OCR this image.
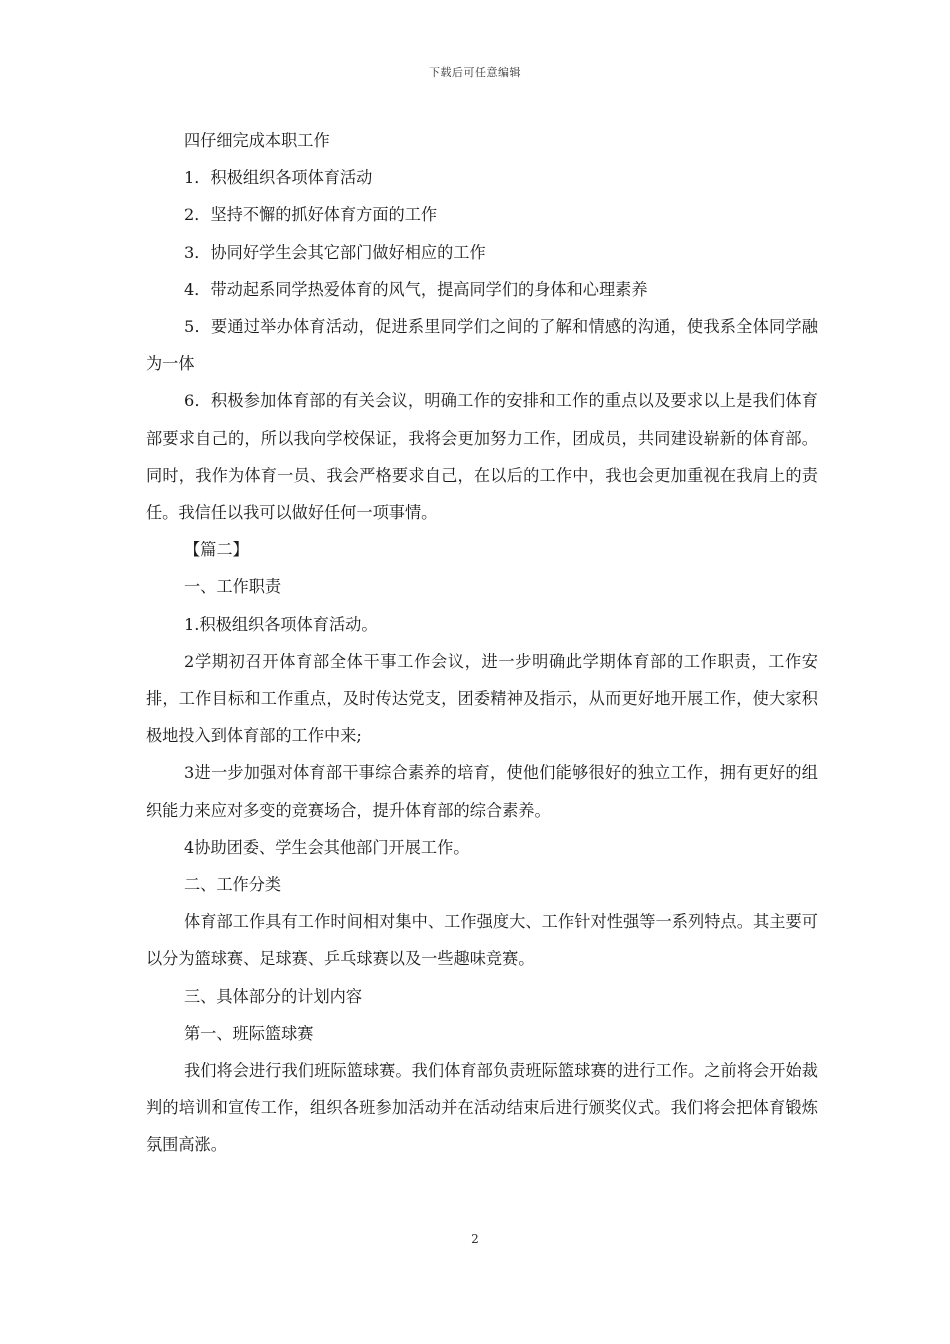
下载后可任意编辑

四仔细完成本职工作

1．积极组织各项体育活动

2．坚持不懈的抓好体育方面的工作

3．协同好学生会其它部门做好相应的工作

4．带动起系同学热爱体育的风气，提高同学们的身体和心理素养

5．要通过举办体育活动，促进系里同学们之间的了解和情感的沟通，使我系全体同学融为一体

6．积极参加体育部的有关会议，明确工作的安排和工作的重点以及要求以上是我们体育部要求自己的，所以我向学校保证，我将会更加努力工作，团成员，共同建设崭新的体育部。同时，我作为体育一员、我会严格要求自己，在以后的工作中，我也会更加重视在我肩上的责任。我信任以我可以做好任何一项事情。

【篇二】

一、工作职责

1.积极组织各项体育活动。

2学期初召开体育部全体干事工作会议，进一步明确此学期体育部的工作职责，工作安排，工作目标和工作重点，及时传达党支，团委精神及指示，从而更好地开展工作，使大家积极地投入到体育部的工作中来;

3进一步加强对体育部干事综合素养的培育，使他们能够很好的独立工作，拥有更好的组织能力来应对多变的竞赛场合，提升体育部的综合素养。

4协助团委、学生会其他部门开展工作。

二、工作分类

体育部工作具有工作时间相对集中、工作强度大、工作针对性强等一系列特点。其主要可以分为篮球赛、足球赛、乒乓球赛以及一些趣味竞赛。

三、具体部分的计划内容

第一、班际篮球赛

我们将会进行我们班际篮球赛。我们体育部负责班际篮球赛的进行工作。之前将会开始裁判的培训和宣传工作，组织各班参加活动并在活动结束后进行颁奖仪式。我们将会把体育锻炼氛围高涨。

2
